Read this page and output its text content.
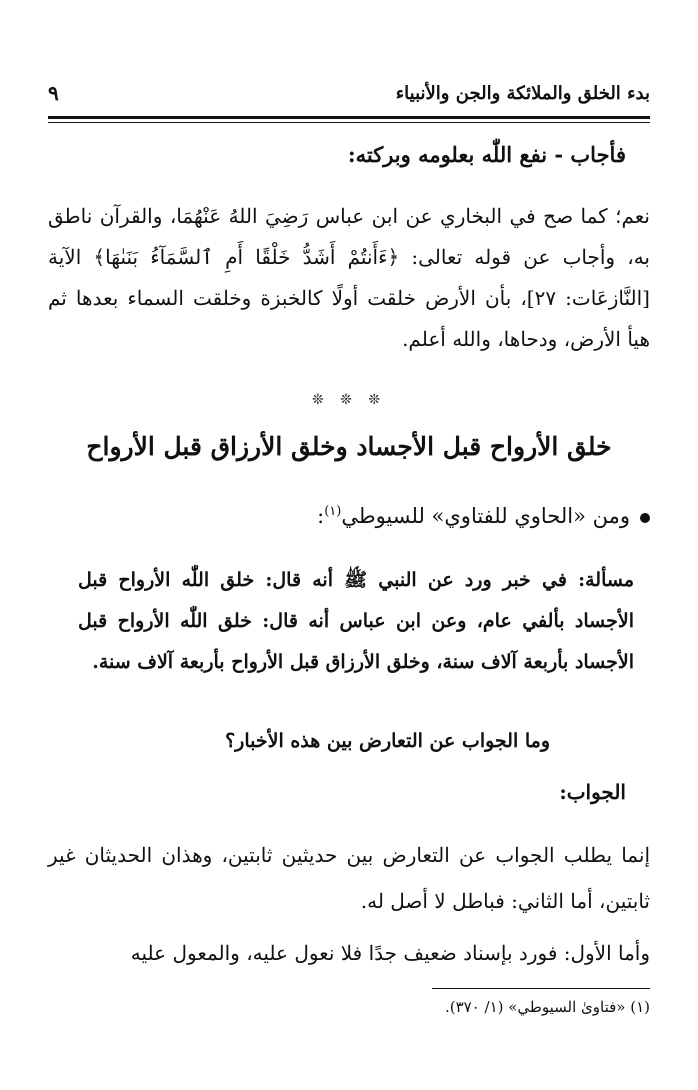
بدء الخلق والملائكة والجن والأنبياء
٩
فأجاب - نفع اللّٰه بعلومه وبركته:
نعم؛ كما صح في البخاري عن ابن عباس رَضِيَ اللهُ عَنْهُمَا، والقرآن ناطق به، وأجاب عن قوله تعالى: ﴿ءَأَنتُمْ أَشَدُّ خَلْقًا أَمِ ٱلسَّمَآءُ بَنَىٰهَا﴾ الآية [النَّازعَات: ٢٧]، بأن الأرض خلقت أولًا كالخبزة وخلقت السماء بعدها ثم هيأ الأرض، ودحاها، والله أعلم.
❊ ❊ ❊
خلق الأرواح قبل الأجساد وخلق الأرزاق قبل الأرواح
ومن «الحاوي للفتاوي» للسيوطي$^{(١)}$:
مسألة: في خبر ورد عن النبي ﷺ أنه قال: خلق اللّٰه الأرواح قبل الأجساد بألفي عام، وعن ابن عباس أنه قال: خلق اللّٰه الأرواح قبل الأجساد بأربعة آلاف سنة، وخلق الأرزاق قبل الأرواح بأربعة آلاف سنة.
وما الجواب عن التعارض بين هذه الأخبار؟
الجواب:
إنما يطلب الجواب عن التعارض بين حديثين ثابتين، وهذان الحديثان غير ثابتين، أما الثاني: فباطل لا أصل له.
وأما الأول: فورد بإسناد ضعيف جدًا فلا نعول عليه، والمعول عليه
(١) «فتاوىٰ السيوطي» (١/ ٣٧٠).
